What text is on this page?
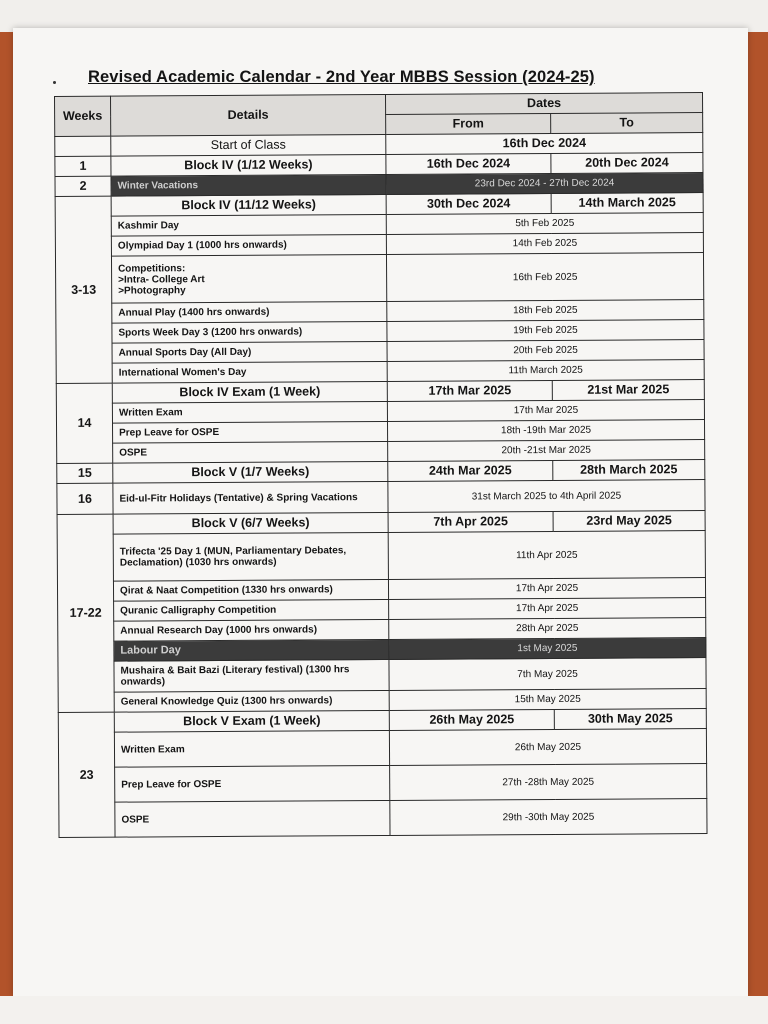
Revised Academic Calendar - 2nd Year MBBS Session (2024-25)
Weeks	Details	Dates	
		From	To
	Start of Class	16th Dec 2024	
1	Block IV (1/12 Weeks)	16th Dec 2024	20th Dec 2024
2	Winter Vacations	23rd Dec 2024 - 27th Dec 2024	
3-13	Block IV (11/12 Weeks)	30th Dec 2024	14th March 2025
	Kashmir Day	5th Feb 2025	
	Olympiad Day 1 (1000 hrs onwards)	14th Feb 2025	
	Competitions:
>Intra- College Art
>Photography	16th Feb 2025	
	Annual Play (1400 hrs onwards)	18th Feb 2025	
	Sports Week Day 3 (1200 hrs onwards)	19th Feb 2025	
	Annual Sports Day (All Day)	20th Feb 2025	
	International Women's Day	11th March 2025	
14	Block IV Exam (1 Week)	17th Mar 2025	21st Mar 2025
	Written Exam	17th Mar 2025	
	Prep Leave for OSPE	18th -19th Mar 2025	
	OSPE	20th -21st Mar 2025	
15	Block V (1/7 Weeks)	24th Mar 2025	28th March 2025
16	Eid-ul-Fitr Holidays (Tentative) & Spring Vacations	31st March 2025 to 4th April 2025	
17-22	Block V (6/7 Weeks)	7th Apr 2025	23rd May 2025
	Trifecta '25 Day 1 (MUN, Parliamentary Debates, Declamation) (1030 hrs onwards)	11th Apr 2025	
	Qirat & Naat Competition (1330 hrs onwards)	17th Apr 2025	
	Quranic Calligraphy Competition	17th Apr 2025	
	Annual Research Day (1000 hrs onwards)	28th Apr 2025	
	Labour Day	1st May 2025	
	Mushaira & Bait Bazi (Literary festival) (1300 hrs onwards)	7th May 2025	
	General Knowledge Quiz (1300 hrs onwards)	15th May 2025	
23	Block V Exam (1 Week)	26th May 2025	30th May 2025
	Written Exam	26th May 2025	
	Prep Leave for OSPE	27th -28th May 2025	
	OSPE	29th -30th May 2025	
